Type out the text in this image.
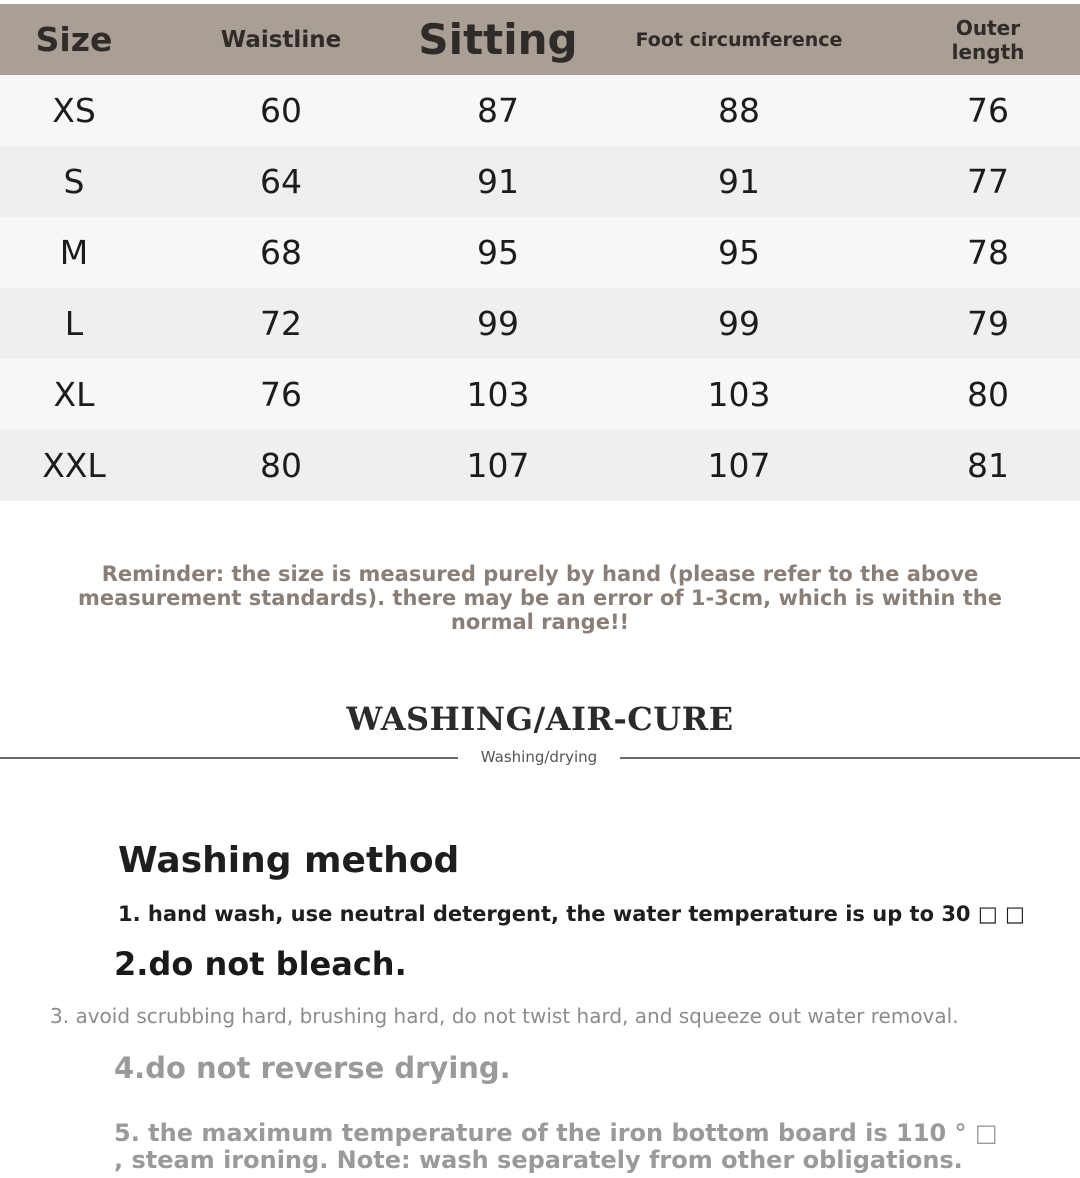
Size	Waistline	Sitting	Foot circumference	Outer length
XS	60	87	88	76
S	64	91	91	77
M	68	95	95	78
L	72	99	99	79
XL	76	103	103	80
XXL	80	107	107	81
Reminder: the size is measured purely by hand (please refer to the above measurement standards). there may be an error of 1-3cm, which is within the normal range!!
WASHING/AIR-CURE
Washing/drying
Washing method
1. hand wash, use neutral detergent, the water temperature is up to 30 □ □
2.do not bleach.
3. avoid scrubbing hard, brushing hard, do not twist hard, and squeeze out water removal.
4.do not reverse drying.
5. the maximum temperature of the iron bottom board is 110 ° □ , steam ironing. Note: wash separately from other obligations.
